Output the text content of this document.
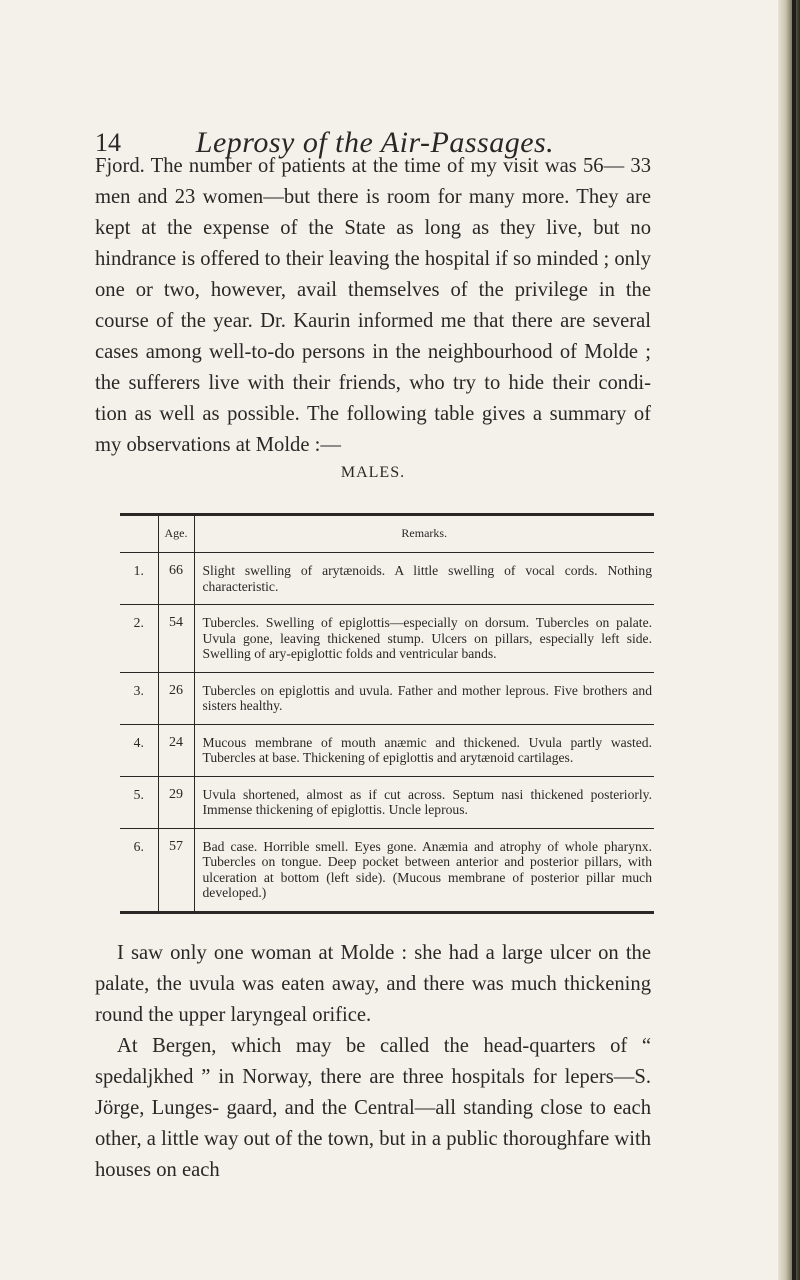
14	Leprosy of the Air-Passages.
Fjord. The number of patients at the time of my visit was 56— 33 men and 23 women—but there is room for many more. They are kept at the expense of the State as long as they live, but no hindrance is offered to their leaving the hospital if so minded ; only one or two, however, avail themselves of the privilege in the course of the year. Dr. Kaurin informed me that there are several cases among well-to-do persons in the neighbourhood of Molde ; the sufferers live with their friends, who try to hide their condi- tion as well as possible. The following table gives a summary of my observations at Molde :—
MALES.
	Age.	Remarks.

1.	66	Slight swelling of arytænoids. A little swelling of vocal cords. Nothing characteristic.

2.	54	Tubercles. Swelling of epiglottis—especially on dorsum. Tubercles on palate. Uvula gone, leaving thickened stump. Ulcers on pillars, especially left side. Swelling of ary-epiglottic folds and ventricular bands.

3.	26	Tubercles on epiglottis and uvula. Father and mother leprous. Five brothers and sisters healthy.

4.	24	Mucous membrane of mouth anæmic and thickened. Uvula partly wasted. Tubercles at base. Thickening of epiglottis and arytænoid cartilages.

5.	29	Uvula shortened, almost as if cut across. Septum nasi thickened posteriorly. Immense thickening of epiglottis. Uncle leprous.

6.	57	Bad case. Horrible smell. Eyes gone. Anæmia and atrophy of whole pharynx. Tubercles on tongue. Deep pocket between anterior and posterior pillars, with ulceration at bottom (left side). (Mucous membrane of posterior pillar much developed.)
I saw only one woman at Molde : she had a large ulcer on the palate, the uvula was eaten away, and there was much thickening round the upper laryngeal orifice.
At Bergen, which may be called the head-quarters of “ spedaljkhed ” in Norway, there are three hospitals for lepers—S. Jörge, Lunges- gaard, and the Central—all standing close to each other, a little way out of the town, but in a public thoroughfare with houses on each
